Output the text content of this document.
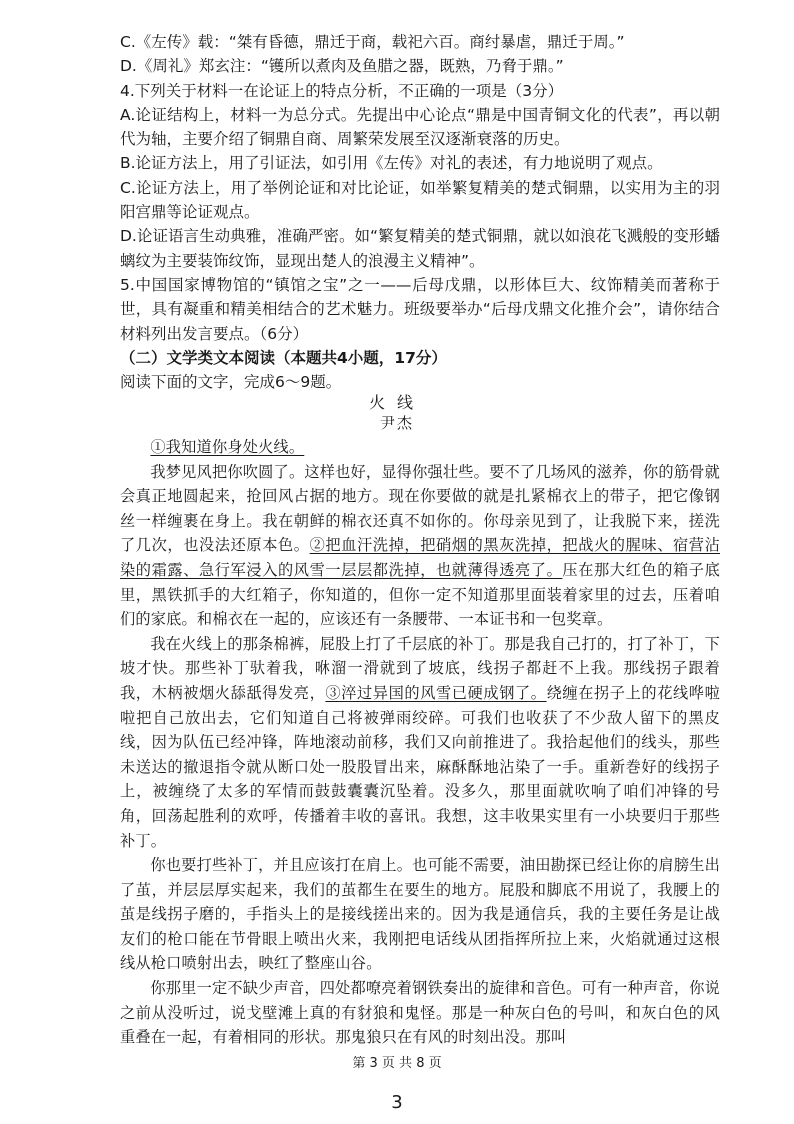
C.《左传》载：“桀有昏德，鼎迁于商，载祀六百。商纣暴虐，鼎迁于周。”

D.《周礼》郑玄注：“镬所以煮肉及鱼腊之器，既熟，乃脅于鼎。”

4.下列关于材料一在论证上的特点分析，不正确的一项是（3分）

A.论证结构上，材料一为总分式。先提出中心论点“鼎是中国青铜文化的代表”，再以朝代为轴，主要介绍了铜鼎自商、周繁荣发展至汉逐渐衰落的历史。

B.论证方法上，用了引证法，如引用《左传》对礼的表述，有力地说明了观点。

C.论证方法上，用了举例论证和对比论证，如举繁复精美的楚式铜鼎，以实用为主的羽阳宫鼎等论证观点。

D.论证语言生动典雅，准确严密。如“繁复精美的楚式铜鼎，就以如浪花飞溅般的变形蟠螭纹为主要装饰纹饰，显现出楚人的浪漫主义精神”。

5.中国国家博物馆的“镇馆之宝”之一——后母戊鼎，以形体巨大、纹饰精美而著称于世，具有凝重和精美相结合的艺术魅力。班级要举办“后母戊鼎文化推介会”，请你结合材料列出发言要点。（6分）

（二）文学类文本阅读（本题共4小题，17分）

阅读下面的文字，完成6～9题。

火线
尹杰

①我知道你身处火线。

我梦见风把你吹圆了。这样也好，显得你强壮些。要不了几场风的滋养，你的筋骨就会真正地圆起来，抢回风占据的地方。现在你要做的就是扎紧棉衣上的带子，把它像钢丝一样缠裹在身上。我在朝鲜的棉衣还真不如你的。你母亲见到了，让我脱下来，搓洗了几次，也没法还原本色。②把血汗洗掉，把硝烟的黑灰洗掉，把战火的腥味、宿营沾染的霜露、急行军浸入的风雪一层层都洗掉，也就薄得透亮了。压在那大红色的箱子底里，黑铁抓手的大红箱子，你知道的，但你一定不知道那里面装着家里的过去，压着咱们的家底。和棉衣在一起的，应该还有一条腰带、一本证书和一包奖章。

我在火线上的那条棉裤，屁股上打了千层底的补丁。那是我自己打的，打了补丁，下坡才快。那些补丁驮着我，咻溜一滑就到了坡底，线拐子都赶不上我。那线拐子跟着我，木柄被烟火舔舐得发亮，③淬过异国的风雪已硬成钢了。绕缠在拐子上的花线哗啦啦把自己放出去，它们知道自己将被弹雨绞碎。可我们也收获了不少敌人留下的黑皮线，因为队伍已经冲锋，阵地滚动前移，我们又向前推进了。我拾起他们的线头，那些未送达的撤退指令就从断口处一股股冒出来，麻酥酥地沾染了一手。重新巻好的线拐子上，被缠绕了太多的军情而鼓鼓囊囊沉坠着。没多久，那里面就吹响了咱们冲锋的号角，回荡起胜利的欢呼，传播着丰收的喜讯。我想，这丰收果实里有一小块要归于那些补丁。

你也要打些补丁，并且应该打在肩上。也可能不需要，油田勘探已经让你的肩膀生出了茧，并层层厚实起来，我们的茧都生在要生的地方。屁股和脚底不用说了，我腰上的茧是线拐子磨的，手指头上的是接线搓出来的。因为我是通信兵，我的主要任务是让战友们的枪口能在节骨眼上喷出火来，我刚把电话线从团指挥所拉上来，火焰就通过这根线从枪口喷射出去，映红了整座山谷。

你那里一定不缺少声音，四处都嘹亮着钢铁奏出的旋律和音色。可有一种声音，你说之前从没听过，说戈壁滩上真的有豺狼和鬼怪。那是一种灰白色的号叫，和灰白色的风重叠在一起，有着相同的形状。那鬼狼只在有风的时刻出没。那叫

第 3 页 共 8 页
3
